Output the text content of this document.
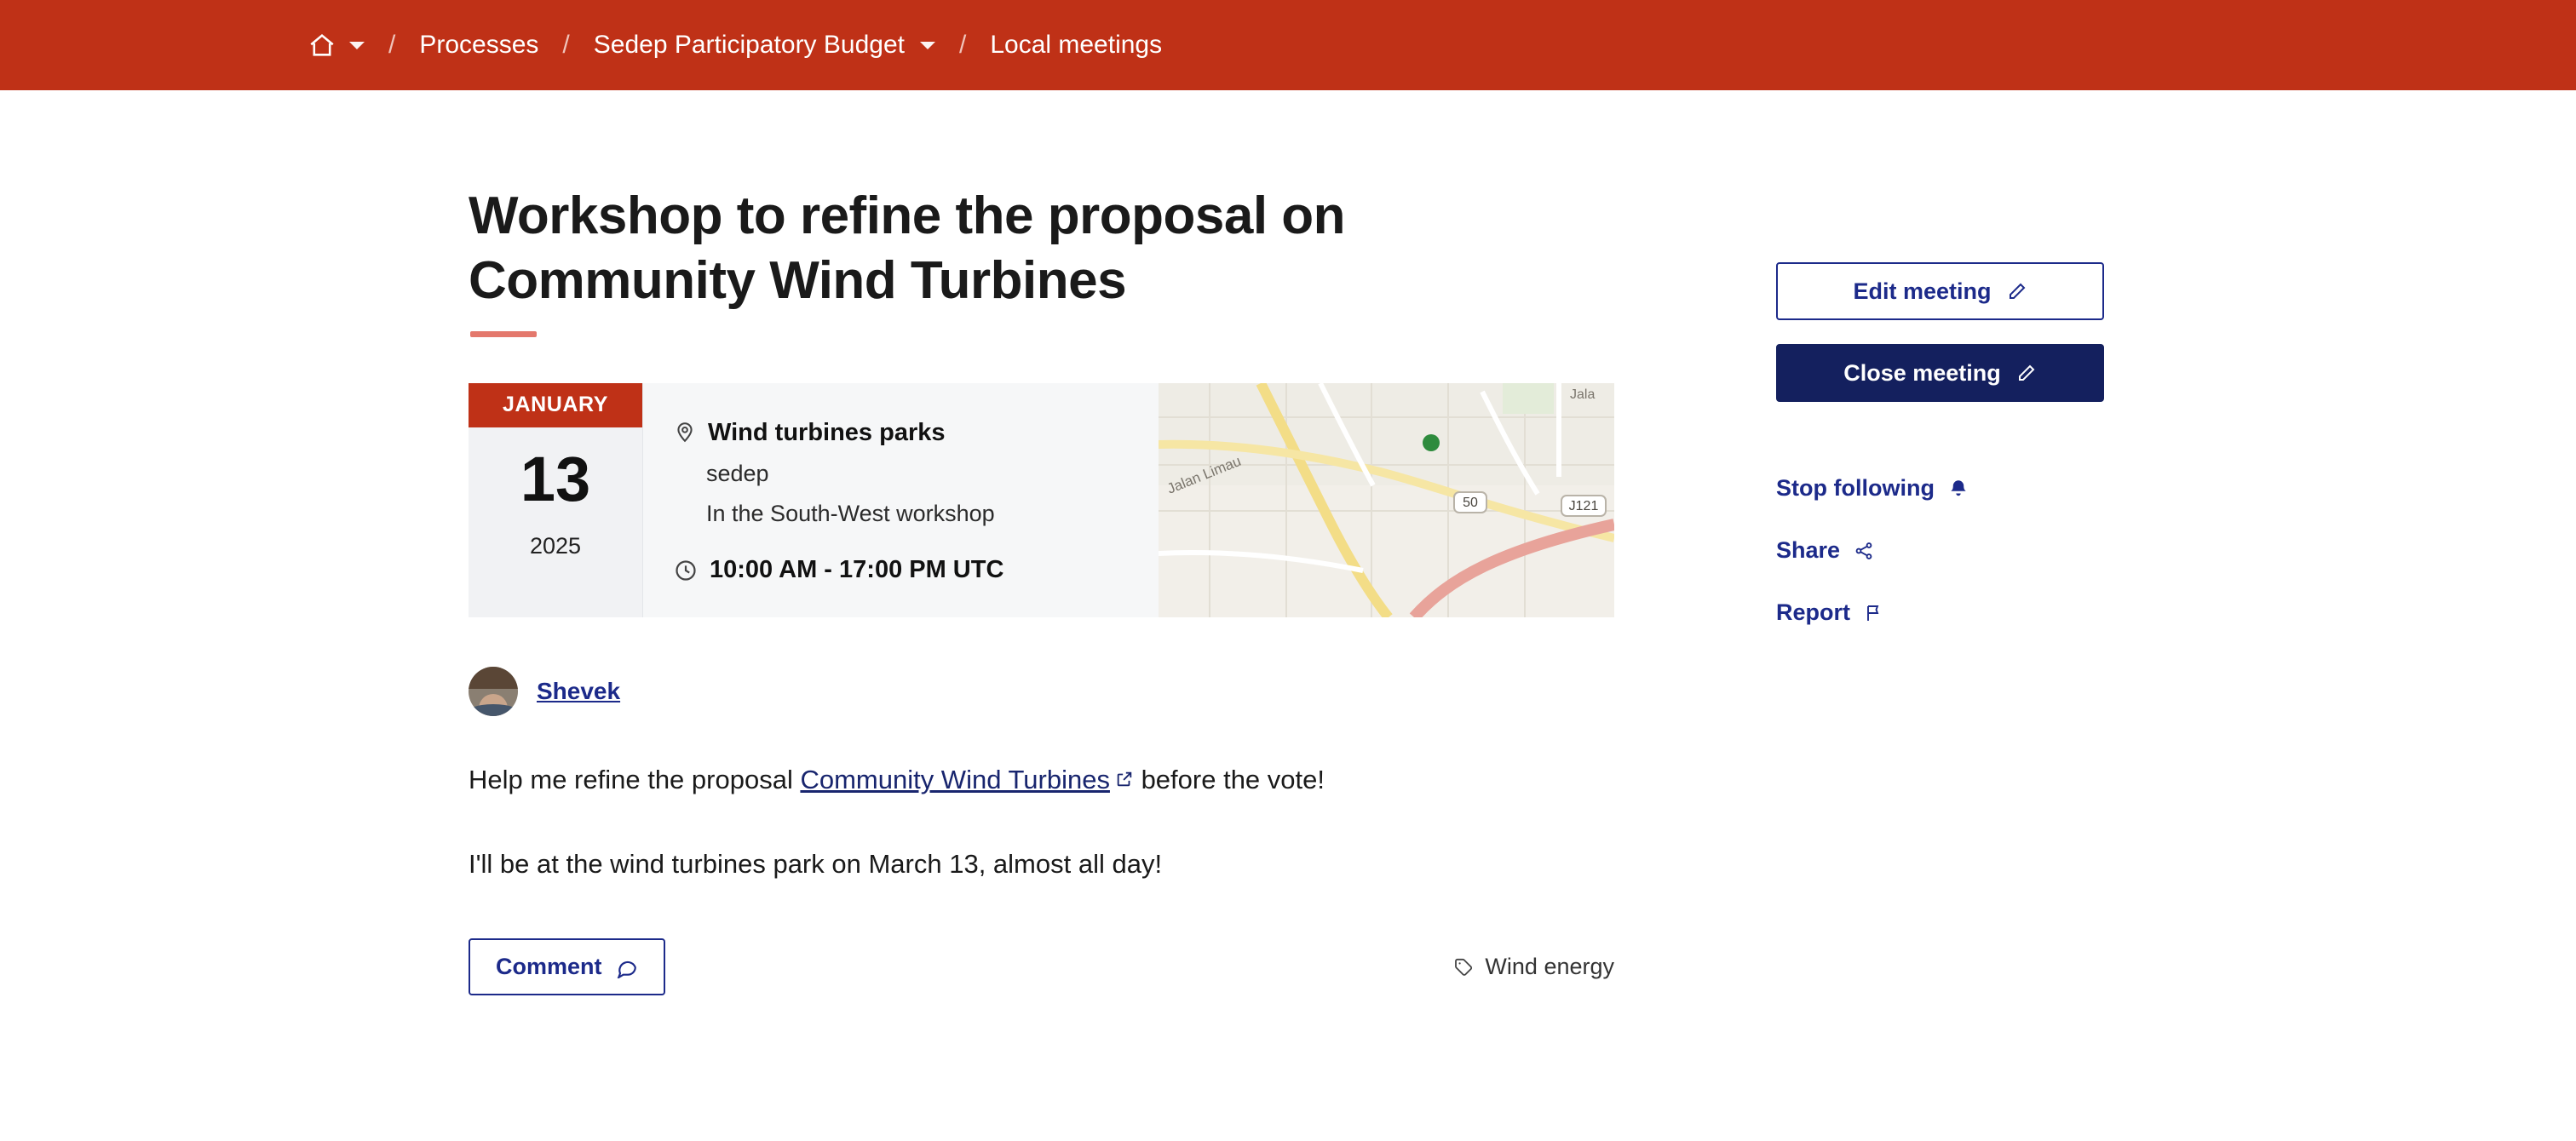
/ Processes / Sedep Participatory Budget / Local meetings
Workshop to refine the proposal on Community Wind Turbines
JANUARY
13
2025
Wind turbines parks
sedep
In the South-West workshop
10:00 AM - 17:00 PM UTC
Jalan Limau
Jala
50	J121
Shevek
Help me refine the proposal Community Wind Turbines
before the vote!
I'll be at the wind turbines park on March 13, almost all day!
Comment	Wind energy
Edit meeting
Close meeting
Stop following
Share
Report
